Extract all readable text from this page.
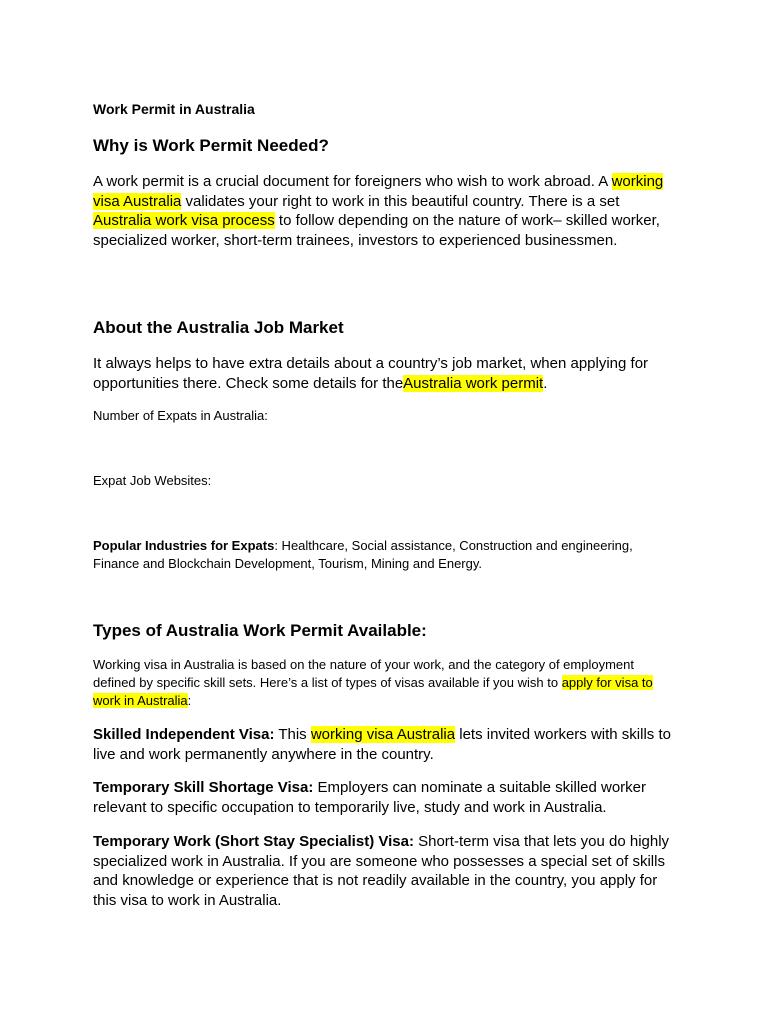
Work Permit in Australia
Why is Work Permit Needed?
A work permit is a crucial document for foreigners who wish to work abroad. A working visa Australia validates your right to work in this beautiful country. There is a set Australia work visa process to follow depending on the nature of work– skilled worker, specialized worker, short-term trainees, investors to experienced businessmen.
About the Australia Job Market
It always helps to have extra details about a country’s job market, when applying for opportunities there. Check some details for theAustralia work permit.
Number of Expats in Australia:
Expat Job Websites:
Popular Industries for Expats: Healthcare, Social assistance, Construction and engineering, Finance and Blockchain Development, Tourism, Mining and Energy.
Types of Australia Work Permit Available:
Working visa in Australia is based on the nature of your work, and the category of employment defined by specific skill sets. Here’s a list of types of visas available if you wish to apply for visa to work in Australia:
Skilled Independent Visa: This working visa Australia lets invited workers with skills to live and work permanently anywhere in the country.
Temporary Skill Shortage Visa: Employers can nominate a suitable skilled worker relevant to specific occupation to temporarily live, study and work in Australia.
Temporary Work (Short Stay Specialist) Visa: Short-term visa that lets you do highly specialized work in Australia. If you are someone who possesses a special set of skills and knowledge or experience that is not readily available in the country, you apply for this visa to work in Australia.
